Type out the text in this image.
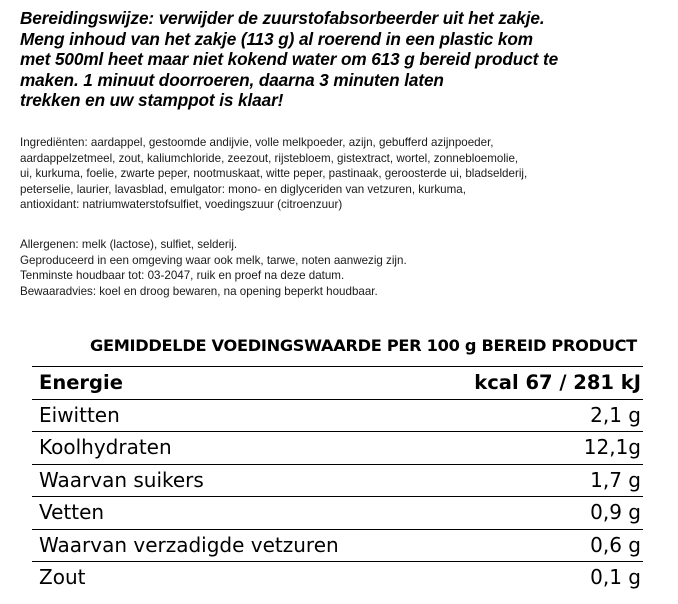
Bereidingswijze: verwijder de zuurstofabsorbeerder uit het zakje.
Meng inhoud van het zakje (113 g) al roerend in een plastic kom
met 500ml heet maar niet kokend water om 613 g bereid product te
maken. 1 minuut doorroeren, daarna 3 minuten laten
trekken en uw stamppot is klaar!
Ingrediënten: aardappel, gestoomde andijvie, volle melkpoeder, azijn, gebufferd azijnpoeder,
aardappelzetmeel, zout, kaliumchloride, zeezout, rijstebloem, gistextract, wortel, zonnebloemolie,
ui, kurkuma, foelie, zwarte peper, nootmuskaat, witte peper, pastinaak, geroosterde ui, bladselderij,
peterselie, laurier, lavasblad, emulgator: mono- en diglyceriden van vetzuren, kurkuma,
antioxidant: natriumwaterstofsulfiet, voedingszuur (citroenzuur)
Allergenen: melk (lactose), sulfiet, selderij.
Geproduceerd in een omgeving waar ook melk, tarwe, noten aanwezig zijn.
Tenminste houdbaar tot: 03-2047, ruik en proef na deze datum.
Bewaaradvies: koel en droog bewaren, na opening beperkt houdbaar.
GEMIDDELDE VOEDINGSWAARDE PER 100 g BEREID PRODUCT
Energie	kcal 67 / 281 kJ
Eiwitten	2,1 g
Koolhydraten	12,1g
Waarvan suikers	1,7 g
Vetten	0,9 g
Waarvan verzadigde vetzuren	0,6 g
Zout	0,1 g
